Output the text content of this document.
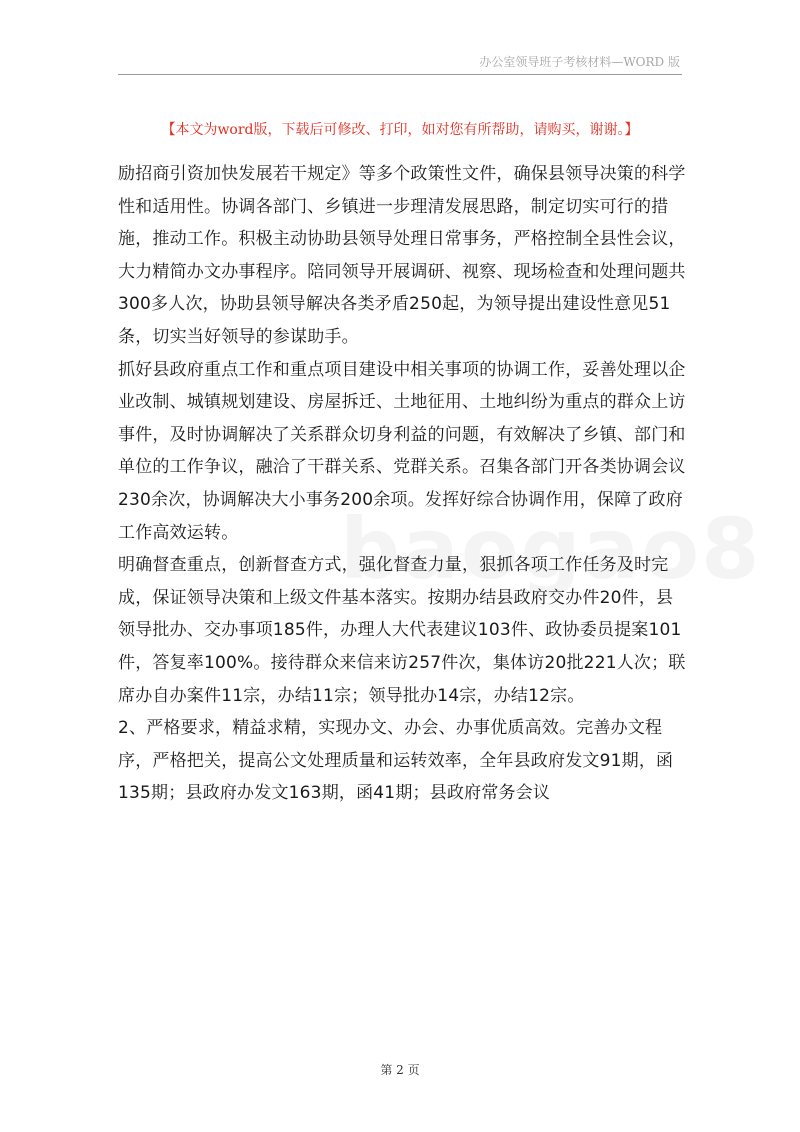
办公室领导班子考核材料—WORD 版
【本文为word版，下载后可修改、打印，如对您有所帮助，请购买，谢谢。】

励招商引资加快发展若干规定》等多个政策性文件，确保县领导决策的科学性和适用性。协调各部门、乡镇进一步理清发展思路，制定切实可行的措施，推动工作。积极主动协助县领导处理日常事务，严格控制全县性会议，大力精简办文办事程序。陪同领导开展调研、视察、现场检查和处理问题共300多人次，协助县领导解决各类矛盾250起，为领导提出建设性意见51条，切实当好领导的参谋助手。

抓好县政府重点工作和重点项目建设中相关事项的协调工作，妥善处理以企业改制、城镇规划建设、房屋拆迁、土地征用、土地纠纷为重点的群众上访事件，及时协调解决了关系群众切身利益的问题，有效解决了乡镇、部门和单位的工作争议，融洽了干群关系、党群关系。召集各部门开各类协调会议230余次，协调解决大小事务200余项。发挥好综合协调作用，保障了政府工作高效运转。

明确督查重点，创新督查方式，强化督查力量，狠抓各项工作任务及时完成，保证领导决策和上级文件基本落实。按期办结县政府交办件20件，县领导批办、交办事项185件，办理人大代表建议103件、政协委员提案101件，答复率100%。接待群众来信来访257件次，集体访20批221人次；联席办自办案件11宗，办结11宗；领导批办14宗，办结12宗。

2、严格要求，精益求精，实现办文、办会、办事优质高效。完善办文程序，严格把关，提高公文处理质量和运转效率，全年县政府发文91期，函135期；县政府办发文163期，函41期；县政府常务会议

第 2 页
